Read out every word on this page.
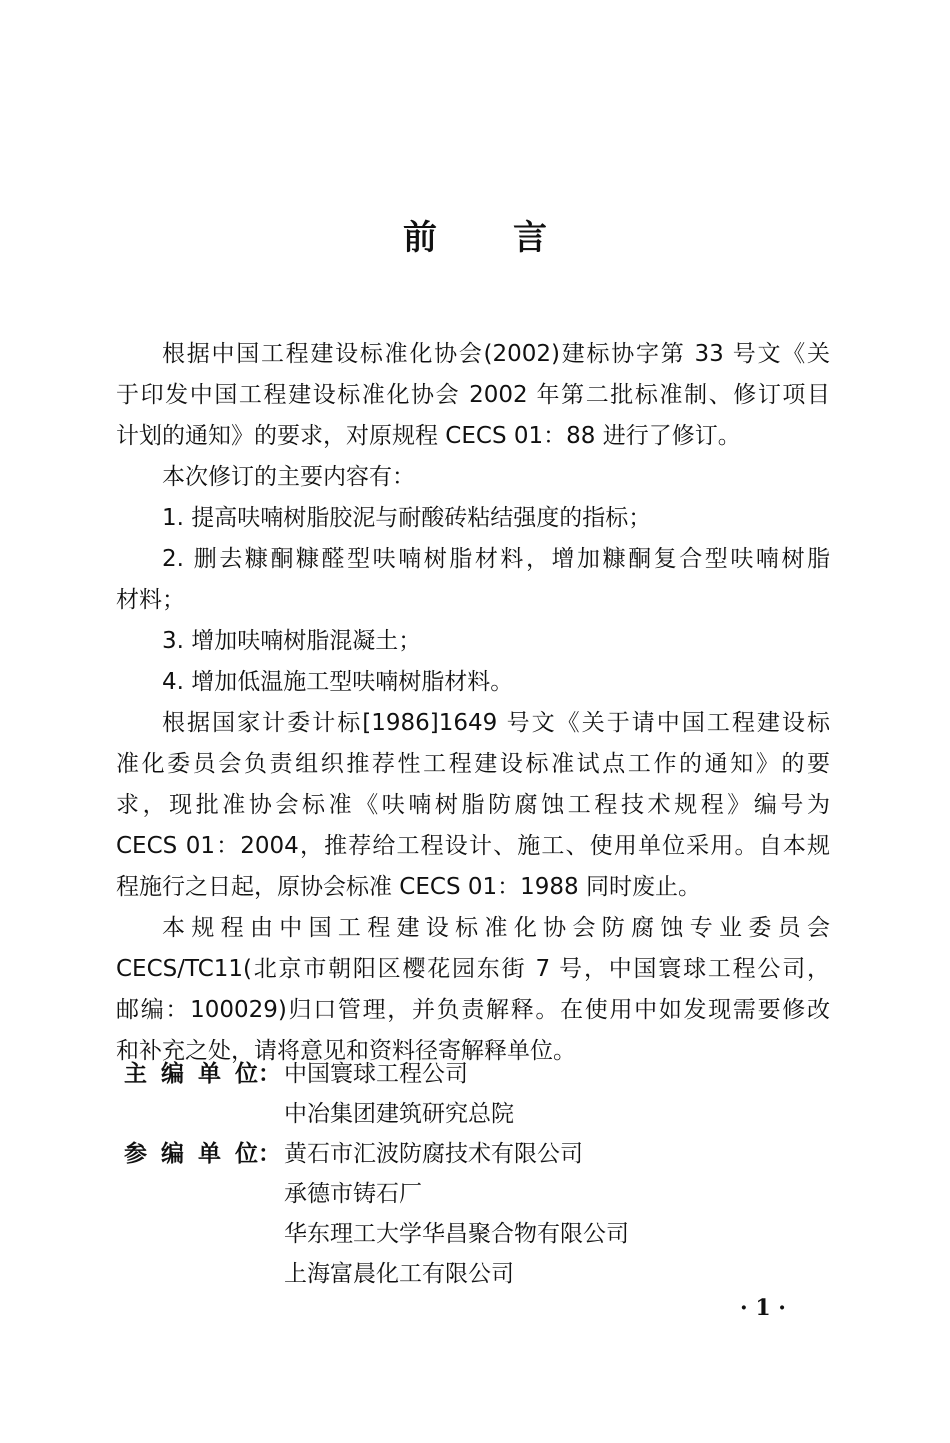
前 言
根据中国工程建设标准化协会(2002)建标协字第 33 号文《关
于印发中国工程建设标准化协会 2002 年第二批标准制、修订项目
计划的通知》的要求，对原规程 CECS 01：88 进行了修订。
本次修订的主要内容有：
1. 提高呋喃树脂胶泥与耐酸砖粘结强度的指标；
2. 删去糠酮糠醛型呋喃树脂材料，增加糠酮复合型呋喃树脂
材料；
3. 增加呋喃树脂混凝土；
4. 增加低温施工型呋喃树脂材料。
根据国家计委计标[1986]1649 号文《关于请中国工程建设标
准化委员会负责组织推荐性工程建设标准试点工作的通知》的要
求，现批准协会标准《呋喃树脂防腐蚀工程技术规程》编号为
CECS 01：2004，推荐给工程设计、施工、使用单位采用。自本规
程施行之日起，原协会标准 CECS 01：1988 同时废止。
本规程由中国工程建设标准化协会防腐蚀专业委员会
CECS/TC11(北京市朝阳区樱花园东街 7 号，中国寰球工程公司，
邮编：100029)归口管理，并负责解释。在使用中如发现需要修改
和补充之处，请将意见和资料径寄解释单位。
主 编 单 位： 中国寰球工程公司
中冶集团建筑研究总院
参 编 单 位： 黄石市汇波防腐技术有限公司
承德市铸石厂
华东理工大学华昌聚合物有限公司
上海富晨化工有限公司
· 1 ·
